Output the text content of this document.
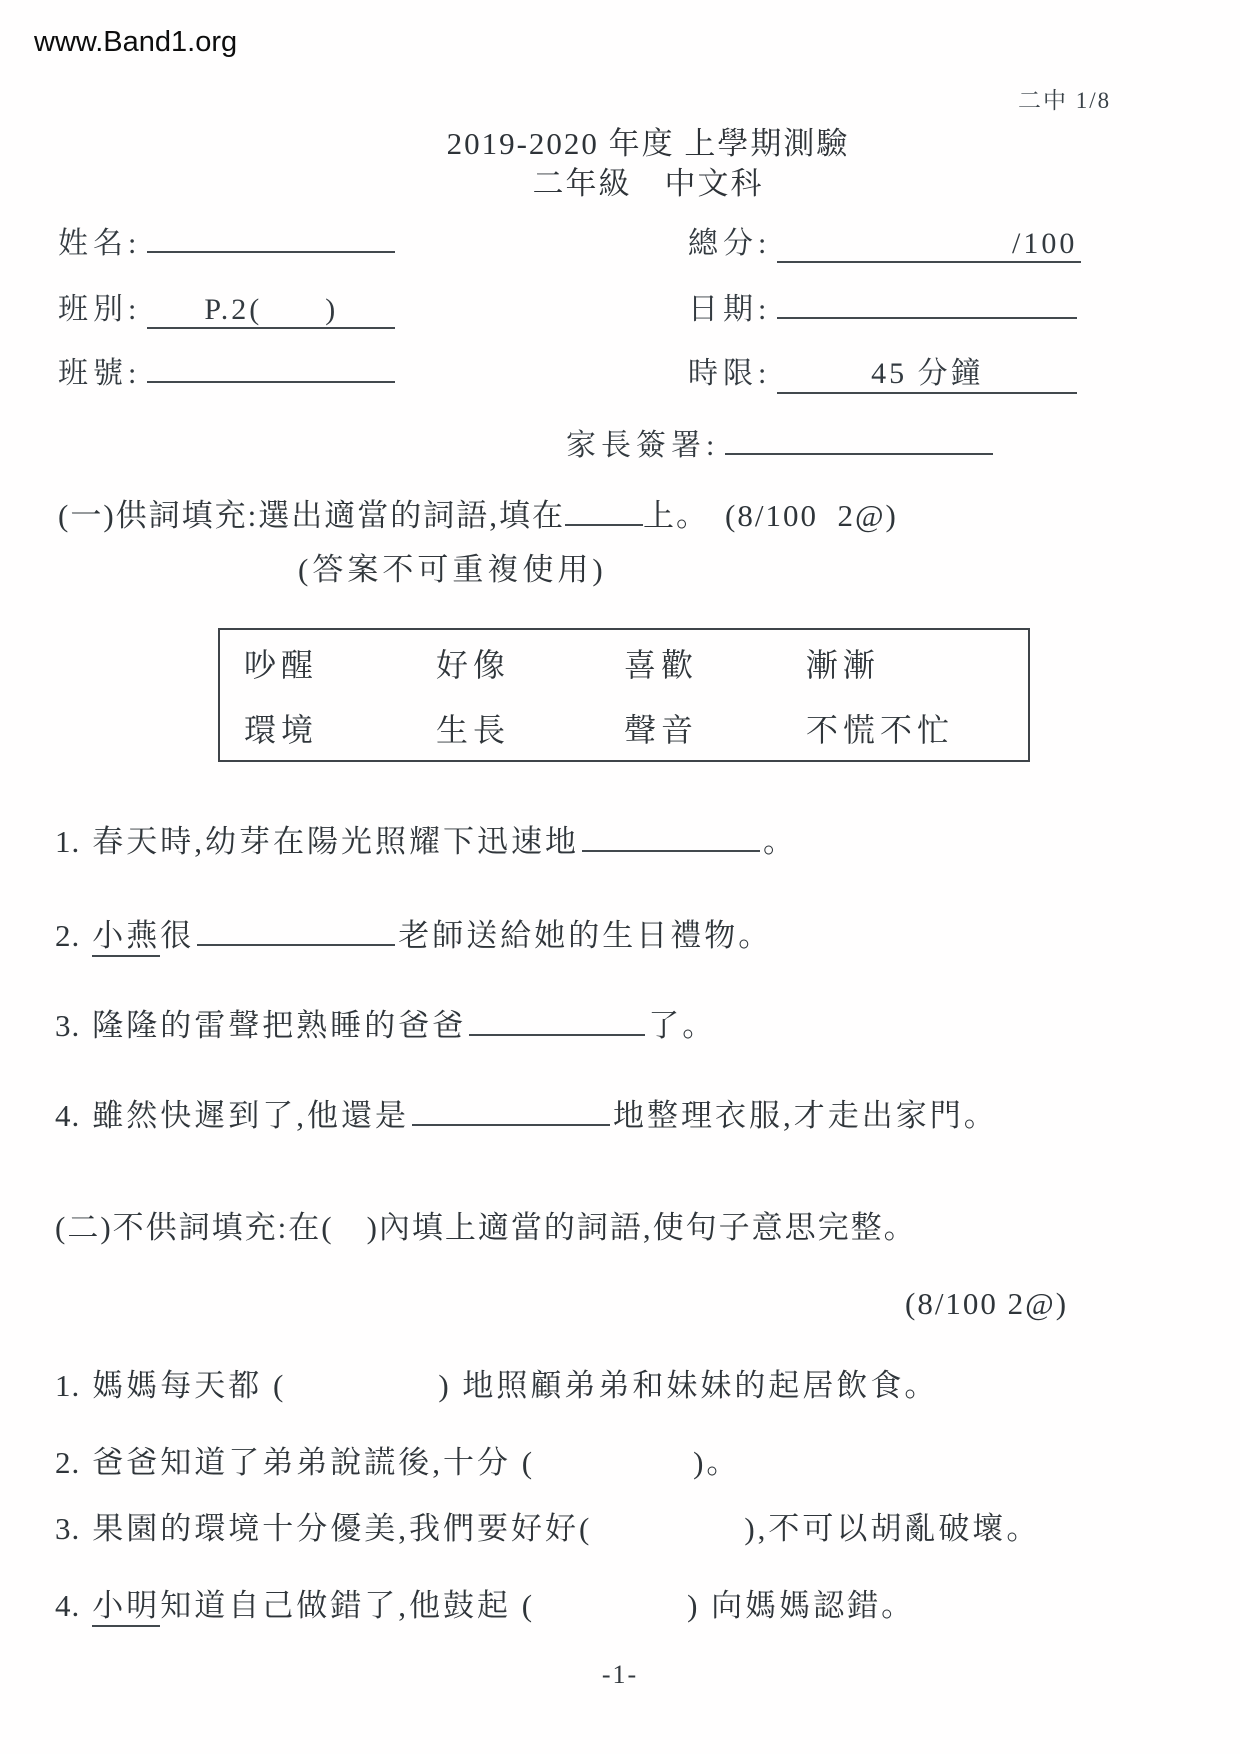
www.Band1.org
二中 1/8
2019-2020 年度 上學期測驗
二年級　中文科
姓名:
班別: P.2(      )
班號:
總分:	/100
日期:
時限:	45 分鐘
家長簽署:
(一)供詞填充:選出適當的詞語,填在	上。 (8/100  2@)
(答案不可重複使用)
吵醒	好像	喜歡	漸漸
環境	生長	聲音	不慌不忙
1. 春天時,幼芽在陽光照耀下迅速地	。
2. 小燕很	老師送給她的生日禮物。
3. 隆隆的雷聲把熟睡的爸爸	了。
4. 雖然快遲到了,他還是	地整理衣服,才走出家門。
(二)不供詞填充:在(　)內填上適當的詞語,使句子意思完整。
(8/100 2@)
1. 媽媽每天都 (	) 地照顧弟弟和妹妹的起居飲食。
2. 爸爸知道了弟弟說謊後,十分 (	)。
3. 果園的環境十分優美,我們要好好(	),不可以胡亂破壞。
4. 小明知道自己做錯了,他鼓起 (	) 向媽媽認錯。
-1-
